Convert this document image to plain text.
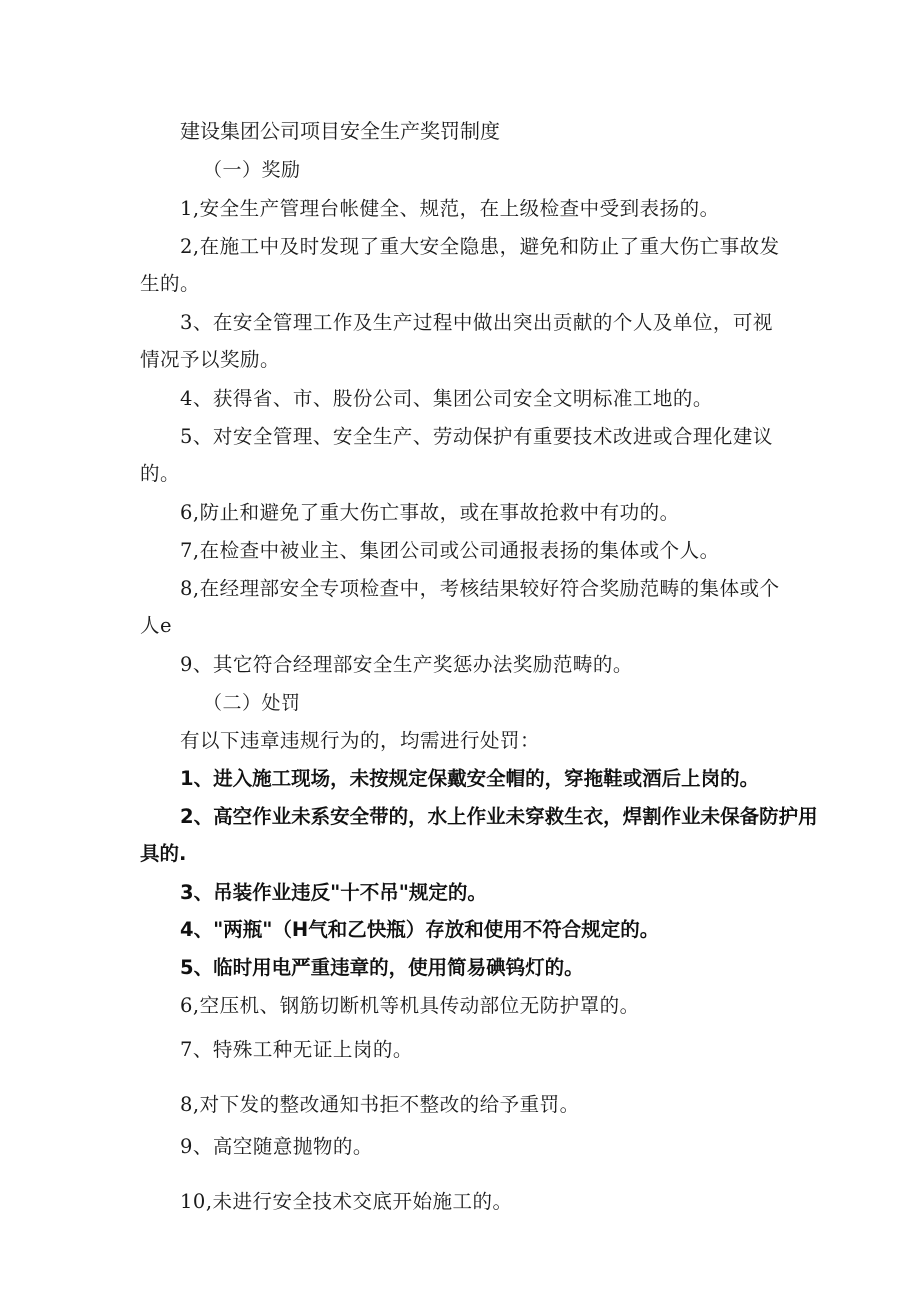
建设集团公司项目安全生产奖罚制度
（一）奖励
1,安全生产管理台帐健全、规范，在上级检查中受到表扬的。
2,在施工中及时发现了重大安全隐患，避免和防止了重大伤亡事故发
生的。
3、在安全管理工作及生产过程中做出突出贡献的个人及单位，可视
情况予以奖励。
4、获得省、市、股份公司、集团公司安全文明标准工地的。
5、对安全管理、安全生产、劳动保护有重要技术改进或合理化建议
的。
6,防止和避免了重大伤亡事故，或在事故抢救中有功的。
7,在检查中被业主、集团公司或公司通报表扬的集体或个人。
8,在经理部安全专项检查中，考核结果较好符合奖励范畴的集体或个
人e
9、其它符合经理部安全生产奖惩办法奖励范畴的。
（二）处罚
有以下违章违规行为的，均需进行处罚：
1、进入施工现场，未按规定保戴安全帽的，穿拖鞋或酒后上岗的。
2、高空作业未系安全带的，水上作业未穿救生衣，焊割作业未保备防护用
具的.
3、吊装作业违反"十不吊"规定的。
4、"两瓶"（H气和乙快瓶）存放和使用不符合规定的。
5、临时用电严重违章的，使用简易碘钨灯的。
6,空压机、钢筋切断机等机具传动部位无防护罩的。
7、特殊工种无证上岗的。
8,对下发的整改通知书拒不整改的给予重罚。
9、高空随意抛物的。
10,未进行安全技术交底开始施工的。
